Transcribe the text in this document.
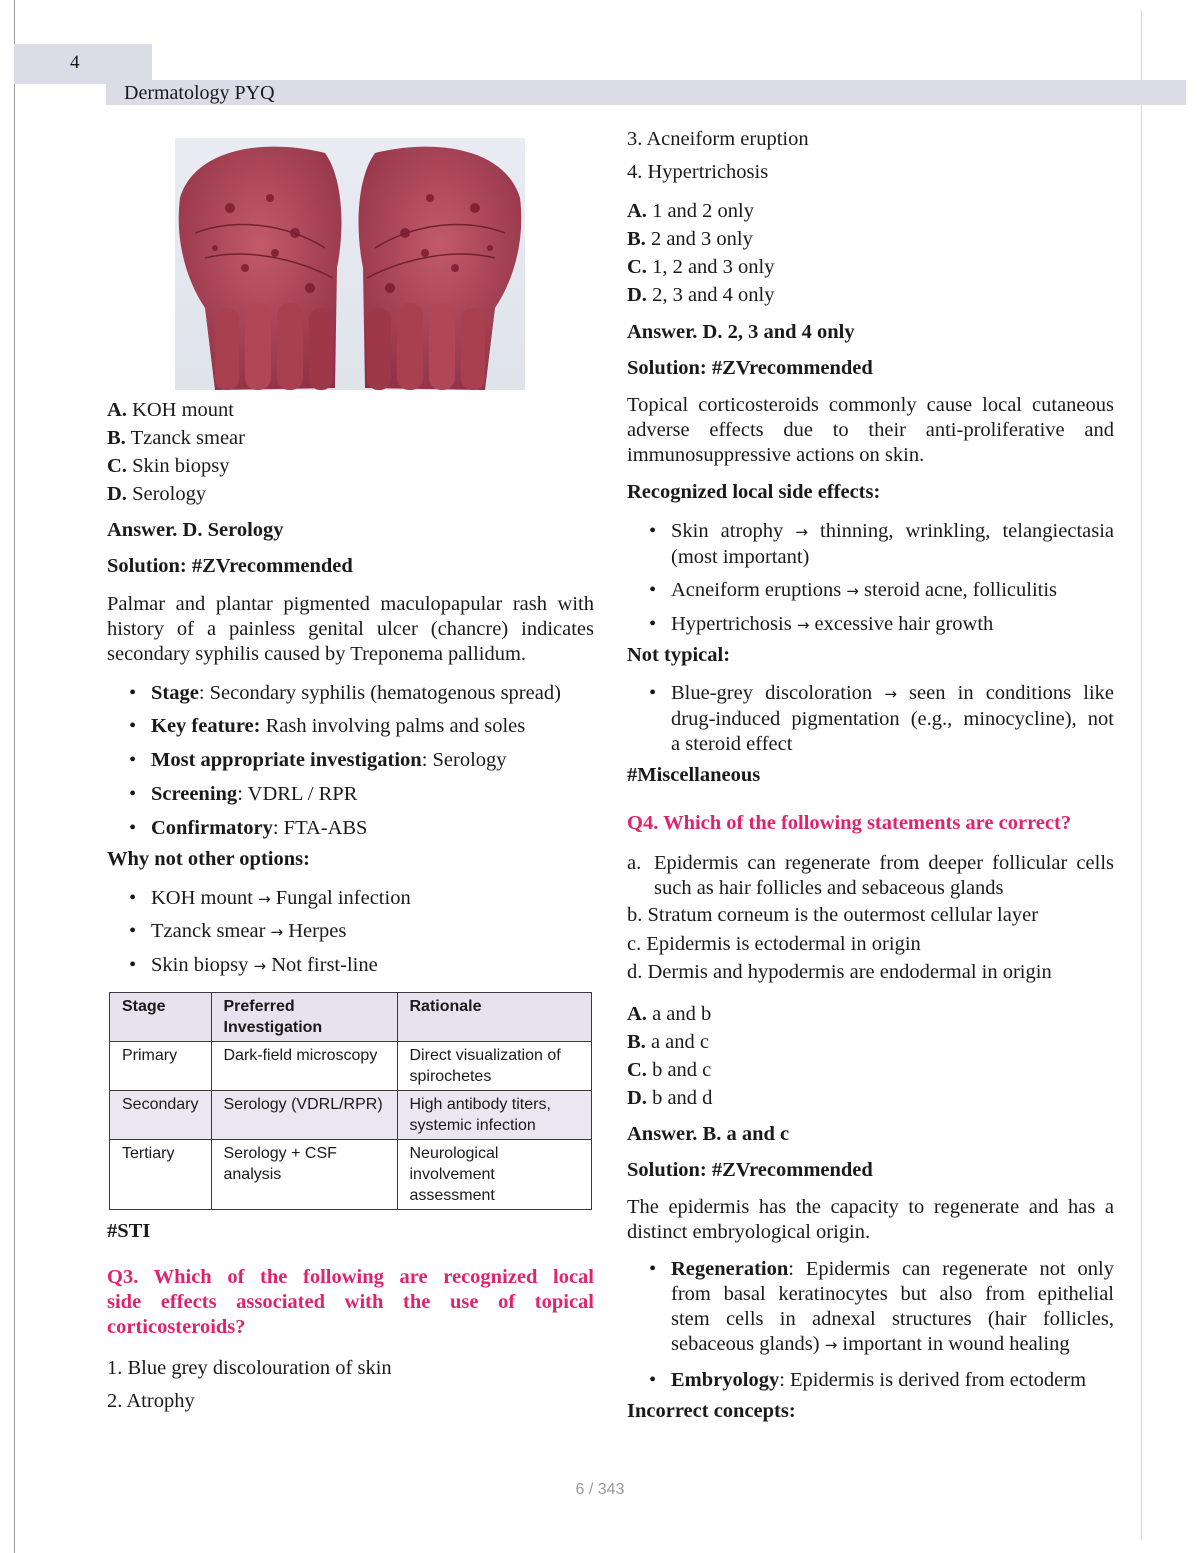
4
Dermatology PYQ
A. KOH mount
B. Tzanck smear
C. Skin biopsy
D. Serology
Answer. D. Serology
Solution: #ZVrecommended
Palmar and plantar pigmented maculopapular rash with
history of a painless genital ulcer (chancre) indicates
secondary syphilis caused by Treponema pallidum.
• Stage: Secondary syphilis (hematogenous spread)
• Key feature: Rash involving palms and soles
• Most appropriate investigation: Serology
• Screening: VDRL / RPR
• Confirmatory: FTA-ABS
Why not other options:
• KOH mount → Fungal infection
• Tzanck smear → Herpes
• Skin biopsy → Not first-line
#STI
Q3. Which of the following are recognized local
side effects associated with the use of topical
corticosteroids?
1. Blue grey discolouration of skin
2. Atrophy
Stage	Preferred Investigation	Rationale
Primary	Dark-field microscopy	Direct visualization of spirochetes
Secondary	Serology (VDRL/RPR)	High antibody titers, systemic infection
Tertiary	Serology + CSF analysis	Neurological involvement assessment
3. Acneiform eruption
4. Hypertrichosis
A. 1 and 2 only
B. 2 and 3 only
C. 1, 2 and 3 only
D. 2, 3 and 4 only
Answer. D. 2, 3 and 4 only
Solution: #ZVrecommended
Topical corticosteroids commonly cause local cutaneous
adverse effects due to their anti-proliferative and
immunosuppressive actions on skin.
Recognized local side effects:
• Skin atrophy → thinning, wrinkling, telangiectasia
(most important)
• Acneiform eruptions → steroid acne, folliculitis
• Hypertrichosis → excessive hair growth
Not typical:
• Blue-grey discoloration → seen in conditions like
drug-induced pigmentation (e.g., minocycline), not
a steroid effect
#Miscellaneous
Q4. Which of the following statements are correct?
a. Epidermis can regenerate from deeper follicular cells
such as hair follicles and sebaceous glands
b. Stratum corneum is the outermost cellular layer
c. Epidermis is ectodermal in origin
d. Dermis and hypodermis are endodermal in origin
A. a and b
B. a and c
C. b and c
D. b and d
Answer. B. a and c
Solution: #ZVrecommended
The epidermis has the capacity to regenerate and has a
distinct embryological origin.
• Regeneration: Epidermis can regenerate not only
from basal keratinocytes but also from epithelial
stem cells in adnexal structures (hair follicles,
sebaceous glands) → important in wound healing
• Embryology: Epidermis is derived from ectoderm
Incorrect concepts:
6 / 343
